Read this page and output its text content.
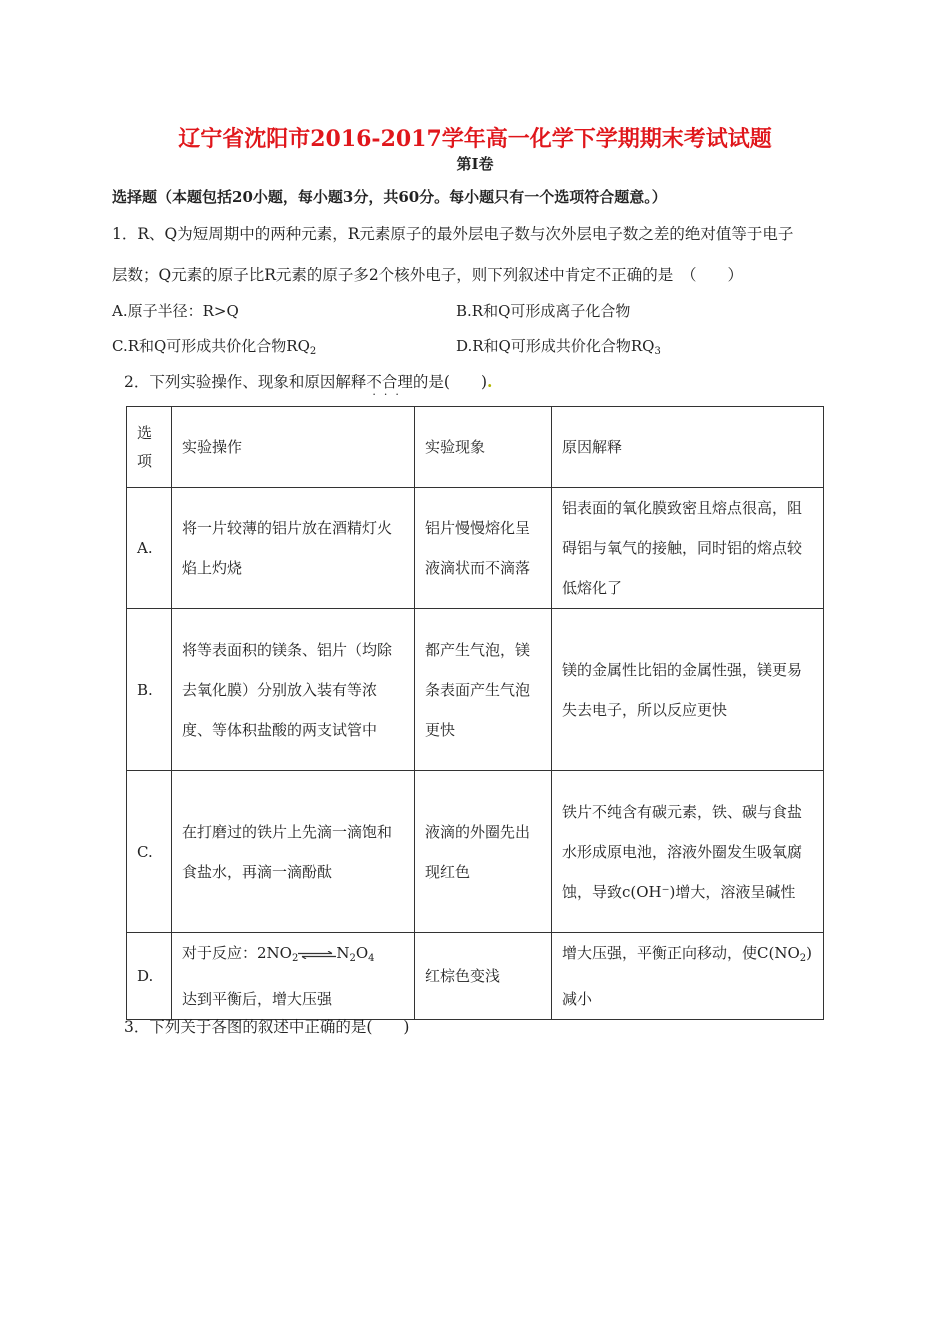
辽宁省沈阳市2016-2017学年高一化学下学期期末考试试题
第Ⅰ卷
选择题（本题包括20小题，每小题3分，共60分。每小题只有一个选项符合题意。）
1．R、Q为短周期中的两种元素，R元素原子的最外层电子数与次外层电子数之差的绝对值等于电子
层数；Q元素的原子比R元素的原子多2个核外电子，则下列叙述中肯定不正确的是　（　　）
A.原子半径：R>Q	B.R和Q可形成离子化合物
C.R和Q可形成共价化合物$RQ_2$	D.R和Q可形成共价化合物$RQ_3$
2．下列实验操作、现象和原因解释不合理
···
的是(　　).
选项	实验操作	实验现象	原因解释
A.	将一片较薄的铝片放在酒精灯火焰上灼烧	铝片慢慢熔化呈液滴状而不滴落	铝表面的氧化膜致密且熔点很高，阻碍铝与氧气的接触，同时铝的熔点较低熔化了
B.	将等表面积的镁条、铝片（均除去氧化膜）分别放入装有等浓度、等体积盐酸的两支试管中	都产生气泡，镁条表面产生气泡更快	镁的金属性比铝的金属性强，镁更易失去电子，所以反应更快
C.	在打磨过的铁片上先滴一滴饱和食盐水，再滴一滴酚酞	液滴的外圈先出现红色	铁片不纯含有碳元素，铁、碳与食盐水形成原电池，溶液外圈发生吸氧腐蚀，导致c(OH⁻)增大，溶液呈碱性
D.	对于反应：$2NO_2\rightleftharpoons N_2O_4$　达到平衡后，增大压强	红棕色变浅	增大压强，平衡正向移动，使$C(NO_2)$减小
3．下列关于各图的叙述中正确的是(　　)
